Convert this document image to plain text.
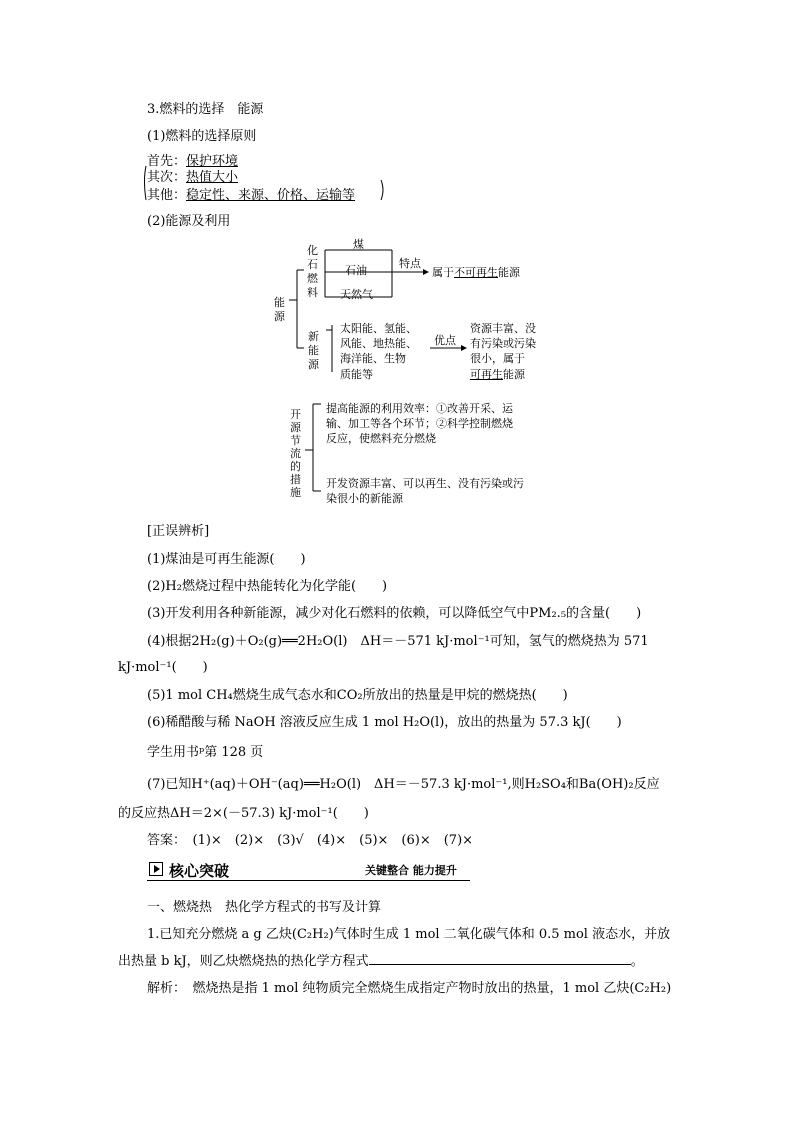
3.燃料的选择　能源
(1)燃料的选择原则
首先：保护环境
其次：热值大小
其他：稳定性、来源、价格、运输等
(2)能源及利用
能源
化石燃料
煤
石油
天然气
特点
属于不可再生能源
新能源
太阳能、氢能、
风能、地热能、
海洋能、生物
质能等
优点
资源丰富、没
有污染或污染
很小，属于
可再生能源
开源节流的措施
提高能源的利用效率：①改善开采、运
输、加工等各个环节；②科学控制燃烧
反应，使燃料充分燃烧
开发资源丰富、可以再生、没有污染或污
染很小的新能源
[正误辨析]
(1)煤油是可再生能源(　　)
(2)H₂燃烧过程中热能转化为化学能(　　)
(3)开发利用各种新能源，减少对化石燃料的依赖，可以降低空气中PM₂.₅的含量(　　)
(4)根据2H₂(g)＋O₂(g)══2H₂O(l)　ΔH＝－571 kJ·mol⁻¹可知，氢气的燃烧热为 571
kJ·mol⁻¹(　　)
(5)1 mol CH₄燃烧生成气态水和CO₂所放出的热量是甲烷的燃烧热(　　)
(6)稀醋酸与稀 NaOH 溶液反应生成 1 mol H₂O(l)，放出的热量为 57.3 kJ(　　)
学生用书ᵖ第 128 页
(7)已知H⁺(aq)＋OH⁻(aq)══H₂O(l)　ΔH＝－57.3 kJ·mol⁻¹,则H₂SO₄和Ba(OH)₂反应
的反应热ΔH＝2×(－57.3) kJ·mol⁻¹(　　)
答案：　(1)×　(2)×　(3)√　(4)×　(5)×　(6)×　(7)×
核心突破	关键整合 能力提升
一、燃烧热　热化学方程式的书写及计算
1.已知充分燃烧 a g 乙炔(C₂H₂)气体时生成 1 mol 二氧化碳气体和 0.5 mol 液态水，并放
出热量 b kJ，则乙炔燃烧热的热化学方程式	。
解析：　燃烧热是指 1 mol 纯物质完全燃烧生成指定产物时放出的热量，1 mol 乙炔(C₂H₂)
